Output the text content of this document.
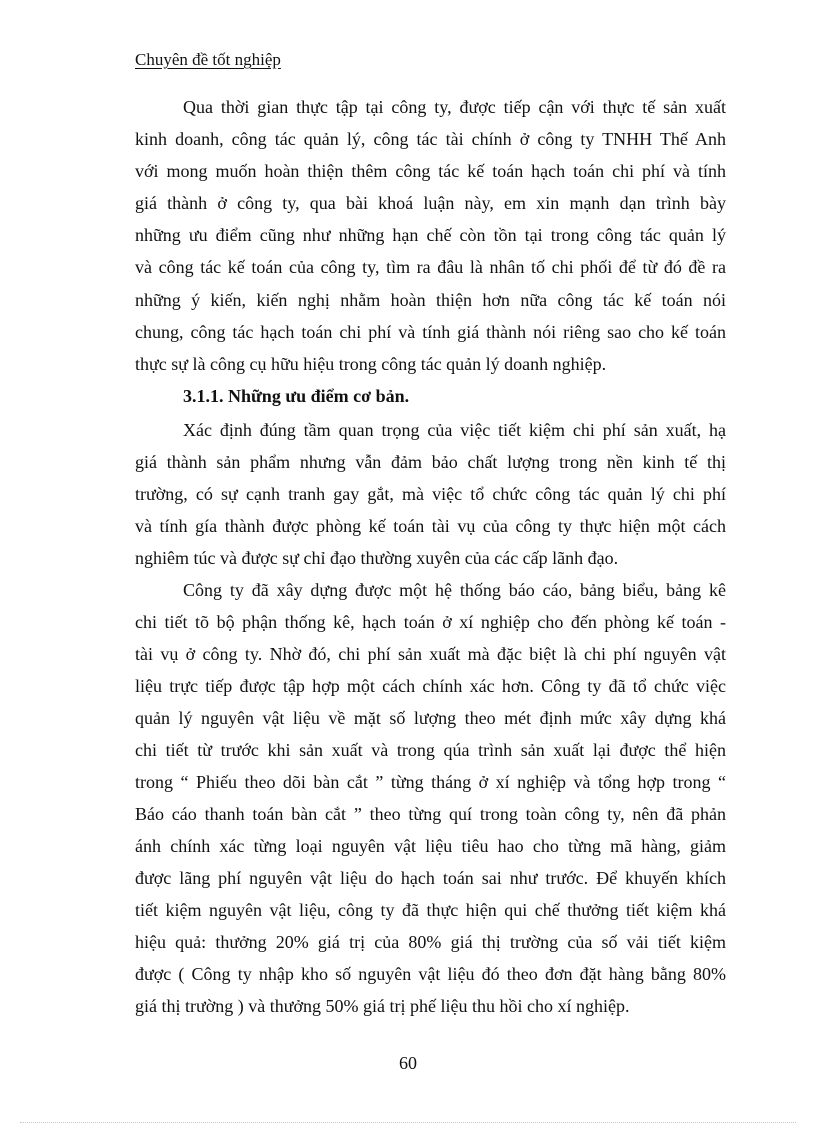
Chuyên đề tốt nghiệp
Qua thời gian thực tập tại công ty, được tiếp cận với thực tế sản xuất
kinh doanh, công tác quản lý, công tác tài chính ở công ty TNHH Thế Anh
với mong muốn hoàn thiện thêm công tác kế toán hạch toán chi phí và tính
giá thành ở công ty, qua bài khoá luận này, em xin mạnh dạn trình bày
những ưu điểm cũng như những hạn chế còn tồn tại trong công tác quản lý
và công tác kế toán của công ty, tìm ra đâu là nhân tố chi phối để từ đó đề ra
những ý kiến, kiến nghị nhằm hoàn thiện hơn nữa công tác kế toán nói
chung, công tác hạch toán chi phí và tính giá thành nói riêng sao cho kế toán
thực sự là công cụ hữu hiệu trong công tác quản lý doanh nghiệp.
3.1.1. Những ưu điểm cơ bản.
Xác định đúng tầm quan trọng của việc tiết kiệm chi phí sản xuất, hạ
giá thành sản phẩm nhưng vẫn đảm bảo chất lượng trong nền kinh tế thị
trường, có sự cạnh tranh gay gắt, mà việc tổ chức công tác quản lý chi phí
và tính gía thành được phòng kế toán tài vụ của công ty thực hiện một cách
nghiêm túc và được sự chỉ đạo thường xuyên của các cấp lãnh đạo.
Công ty đã xây dựng được một hệ thống báo cáo, bảng biểu, bảng kê
chi tiết tõ bộ phận thống kê, hạch toán ở xí nghiệp cho đến phòng kế toán -
tài vụ ở công ty. Nhờ đó, chi phí sản xuất mà đặc biệt là chi phí nguyên vật
liệu trực tiếp được tập hợp một cách chính xác hơn. Công ty đã tổ chức việc
quản lý nguyên vật liệu về mặt số lượng theo mét định mức xây dựng khá
chi tiết từ trước khi sản xuất và trong qúa trình sản xuất lại được thể hiện
trong “ Phiếu theo dõi bàn cắt ” từng tháng ở xí nghiệp và tổng hợp trong “
Báo cáo thanh toán bàn cắt ” theo từng quí trong toàn công ty, nên đã phản
ánh chính xác từng loại nguyên vật liệu tiêu hao cho từng mã hàng, giảm
được lãng phí nguyên vật liệu do hạch toán sai như trước. Để khuyến khích
tiết kiệm nguyên vật liệu, công ty đã thực hiện qui chế thưởng tiết kiệm khá
hiệu quả: thưởng 20% giá trị của 80% giá thị trường của số vải tiết kiệm
được ( Công ty nhập kho số nguyên vật liệu đó theo đơn đặt hàng bằng 80%
giá thị trường ) và thưởng 50% giá trị phế liệu thu hồi cho xí nghiệp.
60
